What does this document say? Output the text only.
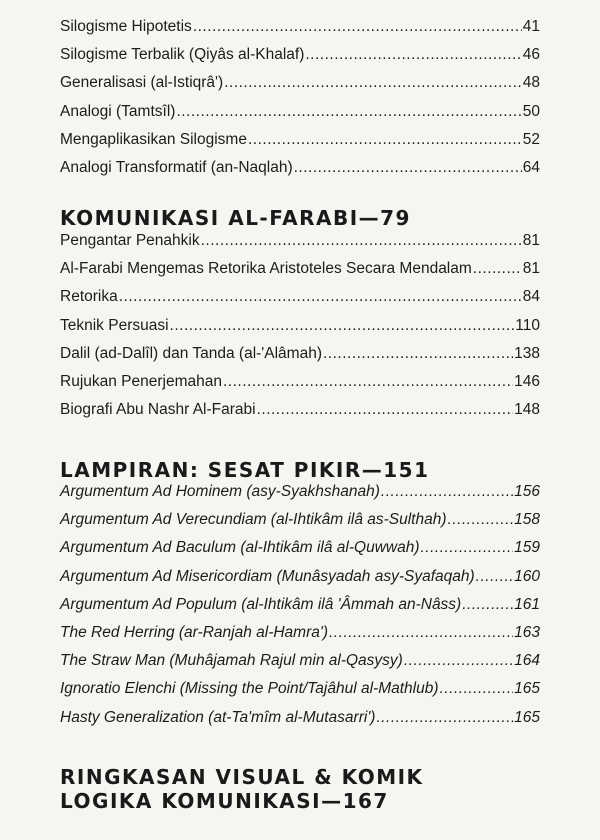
Silogisme Hipotetis .....	41
Silogisme Terbalik (Qiyâs al-Khalaf) .....	46
Generalisasi (al-Istiqrâ') .....	48
Analogi (Tamtsîl) .....	50
Mengaplikasikan Silogisme .....	52
Analogi Transformatif (an-Naqlah) .....	64
KOMUNIKASI AL-FARABI—79
Pengantar Penahkik .....	81
Al-Farabi Mengemas Retorika Aristoteles Secara Mendalam .....	81
Retorika .....	84
Teknik Persuasi .....	110
Dalil (ad-Dalîl) dan Tanda (al-'Alâmah) .....	138
Rujukan Penerjemahan .....	146
Biografi Abu Nashr Al-Farabi .....	148
LAMPIRAN: SESAT PIKIR—151
Argumentum Ad Hominem (asy-Syakhshanah) .....	156
Argumentum Ad Verecundiam (al-Ihtikâm ilâ as-Sulthah) .....	158
Argumentum Ad Baculum (al-Ihtikâm ilâ al-Quwwah) .....	159
Argumentum Ad Misericordiam (Munâsyadah asy-Syafaqah) .....	160
Argumentum Ad Populum (al-Ihtikâm ilâ 'Âmmah an-Nâss) .....	161
The Red Herring (ar-Ranjah al-Hamra') .....	163
The Straw Man (Muhâjamah Rajul min al-Qasysy) .....	164
Ignoratio Elenchi (Missing the Point/Tajâhul al-Mathlub) .....	165
Hasty Generalization (at-Ta'mîm al-Mutasarri') .....	165
RINGKASAN VISUAL & KOMIK
LOGIKA KOMUNIKASI—167
